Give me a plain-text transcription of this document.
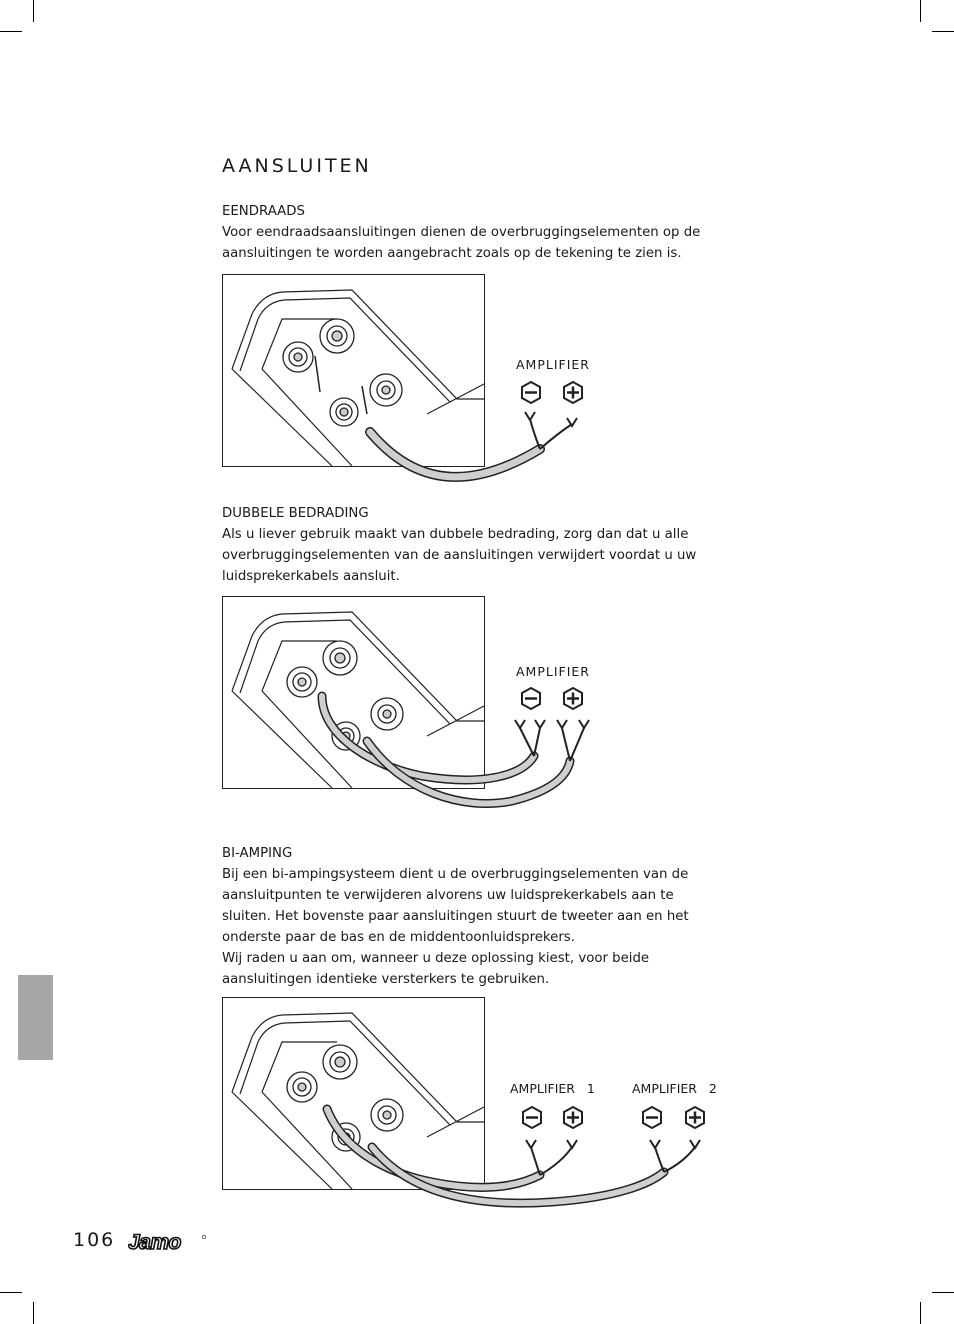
AANSLUITEN

EENDRAADS

Voor eendraadsaansluitingen dienen de overbruggingselementen op de aansluitingen te worden aangebracht zoals op de tekening te zien is.

AMPLIFIER

DUBBELE BEDRADING

Als u liever gebruik maakt van dubbele bedrading, zorg dan dat u alle overbruggingselementen van de aansluitingen verwijdert voordat u uw luidsprekerkabels aansluit.

AMPLIFIER

BI-AMPING

Bij een bi-ampingsysteem dient u de overbruggingselementen van de aansluitpunten te verwijderen alvorens uw luidsprekerkabels aan te sluiten. Het bovenste paar aansluitingen stuurt de tweeter aan en het onderste paar de bas en de middentoonluidsprekers.

Wij raden u aan om, wanneer u deze oplossing kiest, voor beide aansluitingen identieke versterkers te gebruiken.

AMPLIFIER   1	AMPLIFIER   2
106 Jamo
